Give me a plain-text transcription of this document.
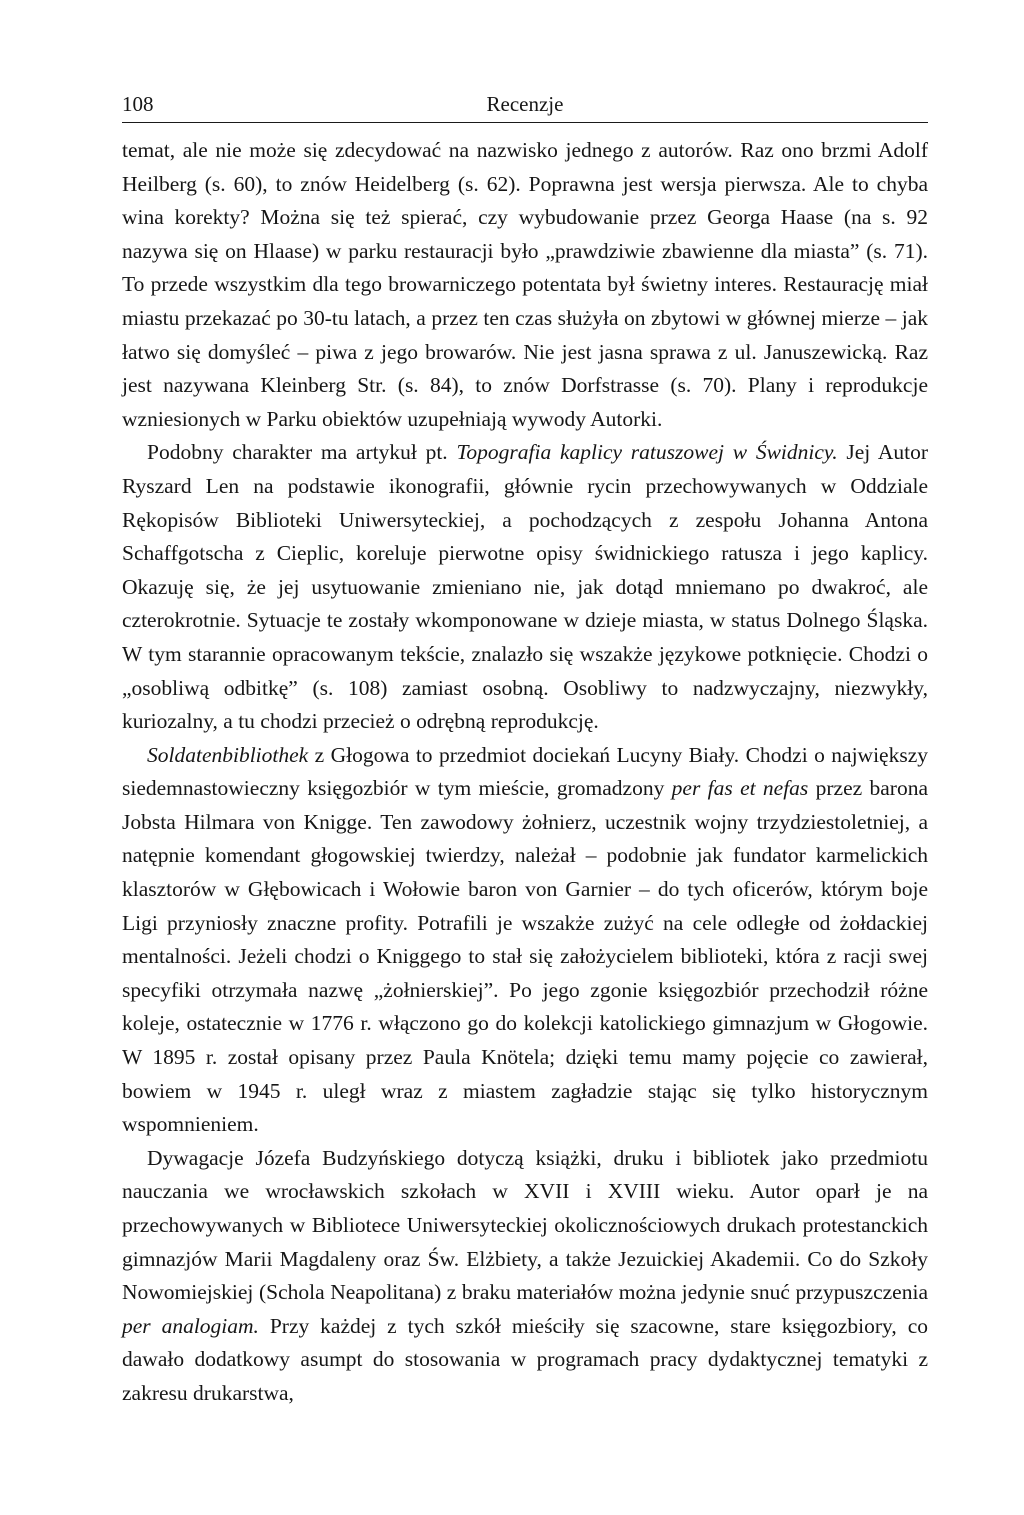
108	Recenzje

temat, ale nie może się zdecydować na nazwisko jednego z autorów. Raz ono brzmi Adolf Heilberg (s. 60), to znów Heidelberg (s. 62). Poprawna jest wersja pierwsza. Ale to chyba wina korekty? Można się też spierać, czy wybudowanie przez Georga Haase (na s. 92 nazywa się on Hlaase) w parku restauracji było „prawdziwie zbawienne dla miasta” (s. 71). To przede wszystkim dla tego browarniczego potentata był świetny interes. Restaurację miał miastu przekazać po 30-tu latach, a przez ten czas służyła on zbytowi w głównej mierze – jak łatwo się domyśleć – piwa z jego browarów. Nie jest jasna sprawa z ul. Januszewicką. Raz jest nazywana Kleinberg Str. (s. 84), to znów Dorfstrasse (s. 70). Plany i reprodukcje wzniesionych w Parku obiektów uzupełniają wywody Autorki.

Podobny charakter ma artykuł pt. Topografia kaplicy ratuszowej w Świdnicy. Jej Autor Ryszard Len na podstawie ikonografii, głównie rycin przechowywanych w Oddziale Rękopisów Biblioteki Uniwersyteckiej, a pochodzących z zespołu Johanna Antona Schaffgotscha z Cieplic, koreluje pierwotne opisy świdnickiego ratusza i jego kaplicy. Okazuję się, że jej usytuowanie zmieniano nie, jak dotąd mniemano po dwakroć, ale czterokrotnie. Sytuacje te zostały wkomponowane w dzieje miasta, w status Dolnego Śląska. W tym starannie opracowanym tekście, znalazło się wszakże językowe potknięcie. Chodzi o „osobliwą odbitkę” (s. 108) zamiast osobną. Osobliwy to nadzwyczajny, niezwykły, kuriozalny, a tu chodzi przecież o odrębną reprodukcję.

Soldatenbibliothek z Głogowa to przedmiot dociekań Lucyny Biały. Chodzi o największy siedemnastowieczny księgozbiór w tym mieście, gromadzony per fas et nefas przez barona Jobsta Hilmara von Knigge. Ten zawodowy żołnierz, uczestnik wojny trzydziestoletniej, a natępnie komendant głogowskiej twierdzy, należał – podobnie jak fundator karmelickich klasztorów w Głębowicach i Wołowie baron von Garnier – do tych oficerów, którym boje Ligi przyniosły znaczne profity. Potrafili je wszakże zużyć na cele odległe od żołdackiej mentalności. Jeżeli chodzi o Kniggego to stał się założycielem biblioteki, która z racji swej specyfiki otrzymała nazwę „żołnierskiej”. Po jego zgonie księgozbiór przechodził różne koleje, ostatecznie w 1776 r. włączono go do kolekcji katolickiego gimnazjum w Głogowie. W 1895 r. został opisany przez Paula Knötela; dzięki temu mamy pojęcie co zawierał, bowiem w 1945 r. uległ wraz z miastem zagładzie stając się tylko historycznym wspomnieniem.

Dywagacje Józefa Budzyńskiego dotyczą książki, druku i bibliotek jako przedmiotu nauczania we wrocławskich szkołach w XVII i XVIII wieku. Autor oparł je na przechowywanych w Bibliotece Uniwersyteckiej okolicznościowych drukach protestanckich gimnazjów Marii Magdaleny oraz Św. Elżbiety, a także Jezuickiej Akademii. Co do Szkoły Nowomiejskiej (Schola Neapolitana) z braku materiałów można jedynie snuć przypuszczenia per analogiam. Przy każdej z tych szkół mieściły się szacowne, stare księgozbiory, co dawało dodatkowy asumpt do stosowania w programach pracy dydaktycznej tematyki z zakresu drukarstwa,
